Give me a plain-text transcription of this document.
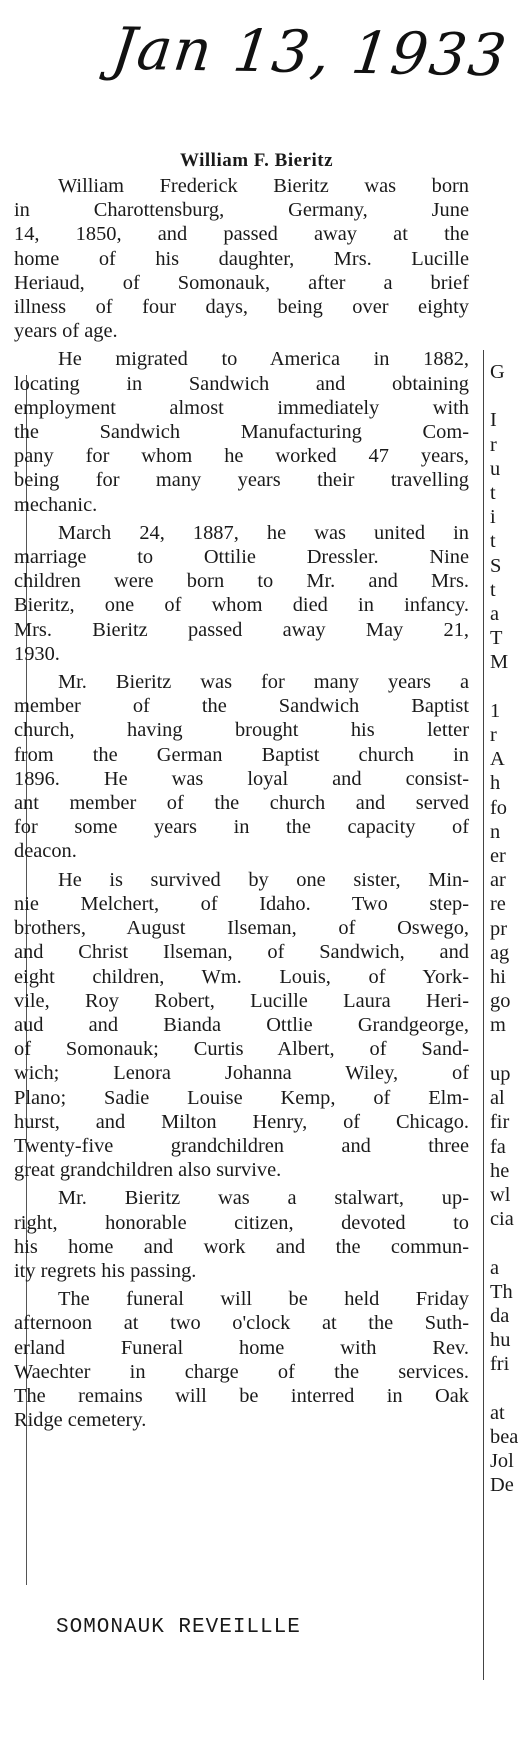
Jan 13, 1933
William F. Bieritz
William Frederick Bieritz was born
in Charottensburg, Germany, June
14, 1850, and passed away at the
home of his daughter, Mrs. Lucille
Heriaud, of Somonauk, after a brief
illness of four days, being over eighty
years of age.
He migrated to America in 1882,
locating in Sandwich and obtaining
employment almost immediately with
the Sandwich Manufacturing Com-
pany for whom he worked 47 years,
being for many years their travelling
mechanic.
March 24, 1887, he was united in
marriage to Ottilie Dressler. Nine
children were born to Mr. and Mrs.
Bieritz, one of whom died in infancy.
Mrs. Bieritz passed away May 21,
1930.
Mr. Bieritz was for many years a
member of the Sandwich Baptist
church, having brought his letter
from the German Baptist church in
1896. He was loyal and consist-
ant member of the church and served
for some years in the capacity of
deacon.
He is survived by one sister, Min-
nie Melchert, of Idaho. Two step-
brothers, August Ilseman, of Oswego,
and Christ Ilseman, of Sandwich, and
eight children, Wm. Louis, of York-
vile, Roy Robert, Lucille Laura Heri-
aud and Bianda Ottlie Grandgeorge,
of Somonauk; Curtis Albert, of Sand-
wich; Lenora Johanna Wiley, of
Plano; Sadie Louise Kemp, of Elm-
hurst, and Milton Henry, of Chicago.
Twenty-five grandchildren and three
great grandchildren also survive.
Mr. Bieritz was a stalwart, up-
right, honorable citizen, devoted to
his home and work and the commun-
ity regrets his passing.
The funeral will be held Friday
afternoon at two o'clock at the Suth-
erland Funeral home with Rev.
Waechter in charge of the services.
The remains will be interred in Oak
Ridge cemetery.
G

I
r
u
t
i
t
S
t
a
T
M

1
r
A
h
fo
n
er
ar
re
pr
ag
hi
go
m

up
al
fir
fa
he
wl
cia

a
Th
da
hu
fri

at
bea
Jol
De
SOMONAUK REVEILLLE
